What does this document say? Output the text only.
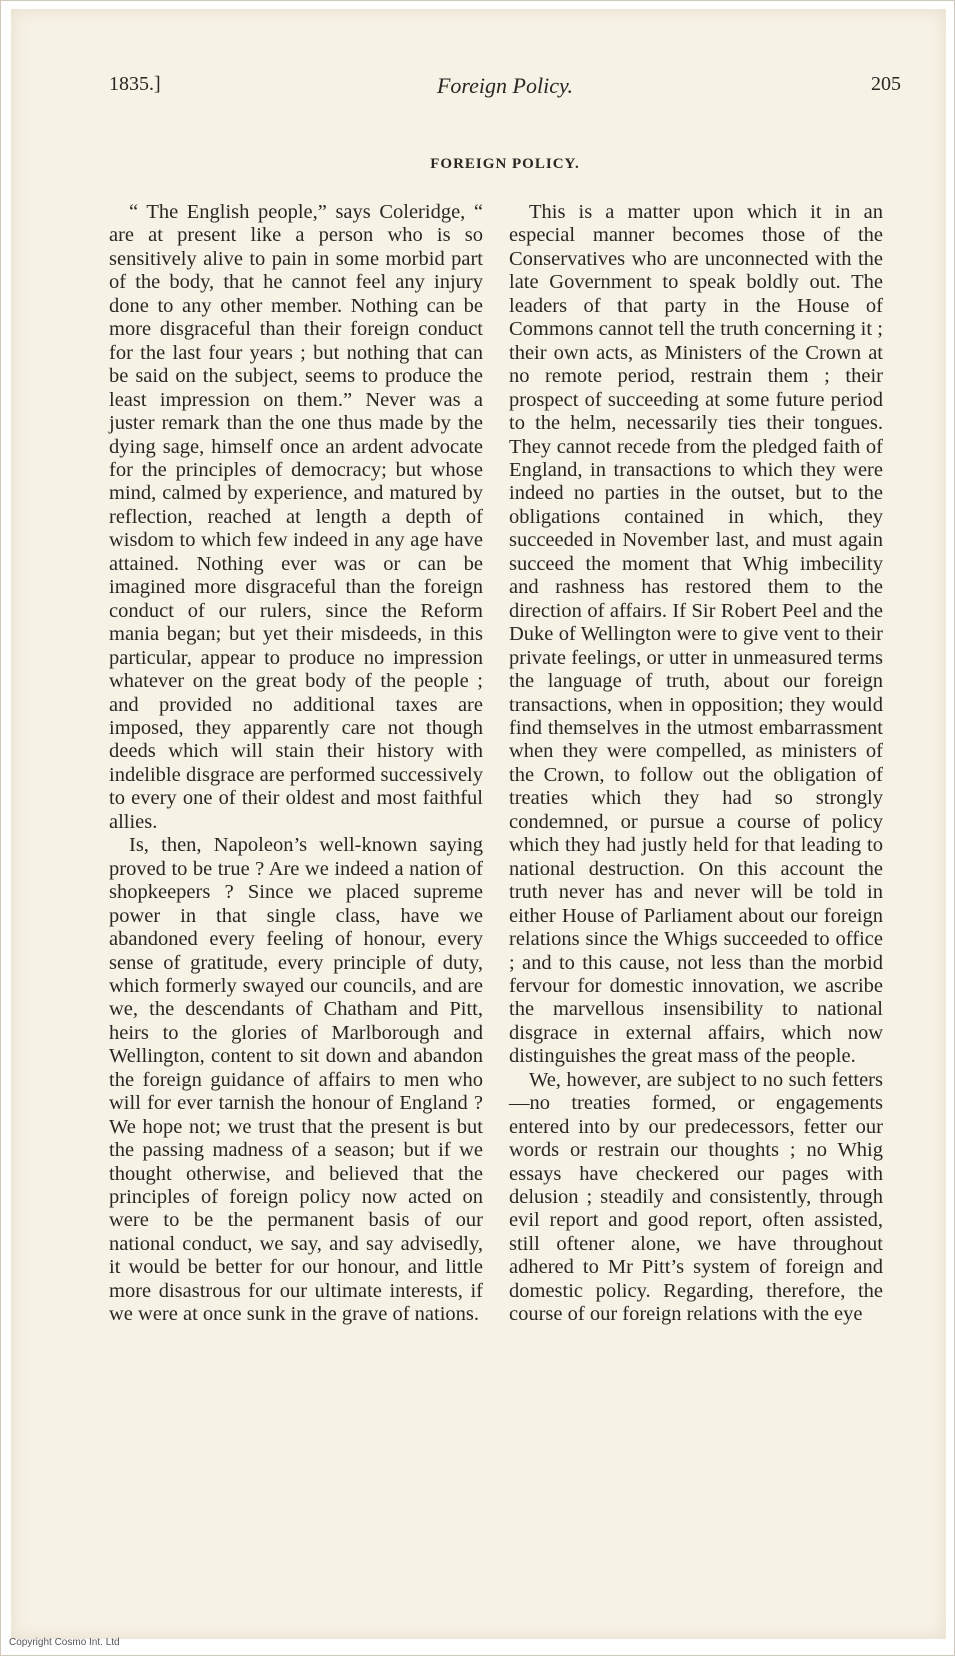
1835.]	Foreign Policy.	205
FOREIGN POLICY.

“ The English people,” says Coleridge, “ are at present like a person who is so sensitively alive to pain in some morbid part of the body, that he cannot feel any injury done to any other member. Nothing can be more disgraceful than their foreign conduct for the last four years ; but nothing that can be said on the subject, seems to produce the least impression on them.” Never was a juster remark than the one thus made by the dying sage, himself once an ardent advocate for the principles of democracy; but whose mind, calmed by experience, and matured by reflection, reached at length a depth of wisdom to which few indeed in any age have attained. Nothing ever was or can be imagined more disgraceful than the foreign conduct of our rulers, since the Reform mania began; but yet their misdeeds, in this particular, appear to produce no impression whatever on the great body of the people ; and provided no additional taxes are imposed, they apparently care not though deeds which will stain their history with indelible disgrace are performed successively to every one of their oldest and most faithful allies.

Is, then, Napoleon’s well-known saying proved to be true ? Are we indeed a nation of shopkeepers ? Since we placed supreme power in that single class, have we abandoned every feeling of honour, every sense of gratitude, every principle of duty, which formerly swayed our councils, and are we, the descendants of Chatham and Pitt, heirs to the glories of Marlborough and Wellington, content to sit down and abandon the foreign guidance of affairs to men who will for ever tarnish the honour of England ? We hope not; we trust that the present is but the passing madness of a season; but if we thought otherwise, and believed that the principles of foreign policy now acted on were to be the permanent basis of our national conduct, we say, and say advisedly, it would be better for our honour, and little more disastrous for our ultimate interests, if we were at once sunk in the grave of nations.

This is a matter upon which it in an especial manner becomes those of the Conservatives who are unconnected with the late Government to speak boldly out. The leaders of that party in the House of Commons cannot tell the truth concerning it ; their own acts, as Ministers of the Crown at no remote period, restrain them ; their prospect of succeeding at some future period to the helm, necessarily ties their tongues. They cannot recede from the pledged faith of England, in transactions to which they were indeed no parties in the outset, but to the obligations contained in which, they succeeded in November last, and must again succeed the moment that Whig imbecility and rashness has restored them to the direction of affairs. If Sir Robert Peel and the Duke of Wellington were to give vent to their private feelings, or utter in unmeasured terms the language of truth, about our foreign transactions, when in opposition; they would find themselves in the utmost embarrassment when they were compelled, as ministers of the Crown, to follow out the obligation of treaties which they had so strongly condemned, or pursue a course of policy which they had justly held for that leading to national destruction. On this account the truth never has and never will be told in either House of Parliament about our foreign relations since the Whigs succeeded to office ; and to this cause, not less than the morbid fervour for domestic innovation, we ascribe the marvellous insensibility to national disgrace in external affairs, which now distinguishes the great mass of the people.

We, however, are subject to no such fetters—no treaties formed, or engagements entered into by our predecessors, fetter our words or restrain our thoughts ; no Whig essays have checkered our pages with delusion ; steadily and consistently, through evil report and good report, often assisted, still oftener alone, we have throughout adhered to Mr Pitt’s system of foreign and domestic policy. Regarding, therefore, the course of our foreign relations with the eye

Copyright Cosmo Int. Ltd
